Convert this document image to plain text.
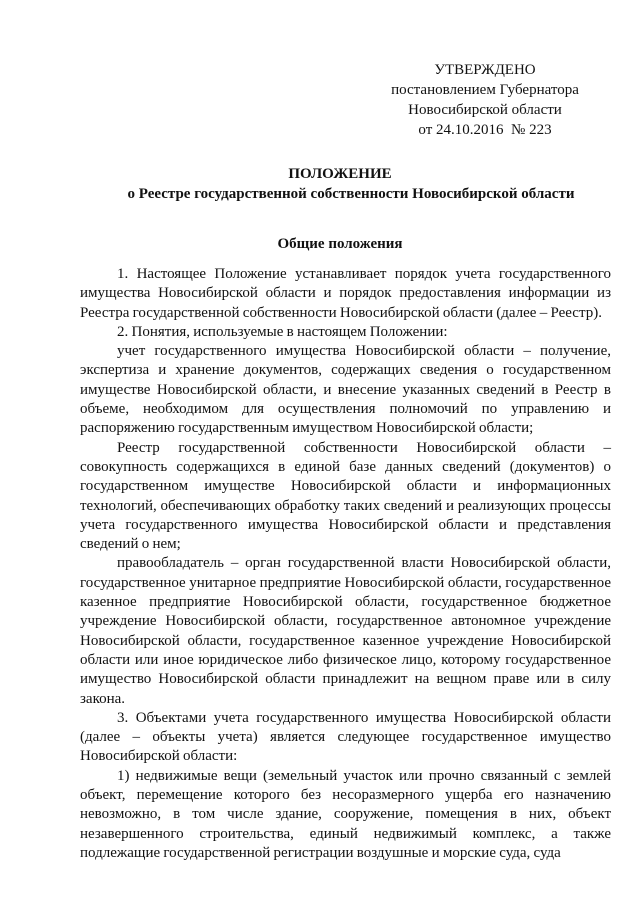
УТВЕРЖДЕНО
постановлением Губернатора
Новосибирской области
от 24.10.2016  № 223
ПОЛОЖЕНИЕ
о Реестре государственной собственности Новосибирской области
Общие положения

1. Настоящее Положение устанавливает порядок учета государственного имущества Новосибирской области и порядок предоставления информации из Реестра государственной собственности Новосибирской области (далее – Реестр).

2. Понятия, используемые в настоящем Положении:

учет государственного имущества Новосибирской области – получение, экспертиза и хранение документов, содержащих сведения о государственном имуществе Новосибирской области, и внесение указанных сведений в Реестр в объеме, необходимом для осуществления полномочий по управлению и распоряжению государственным имуществом Новосибирской области;

Реестр государственной собственности Новосибирской области – совокупность содержащихся в единой базе данных сведений (документов) о государственном имуществе Новосибирской области и информационных технологий, обеспечивающих обработку таких сведений и реализующих процессы учета государственного имущества Новосибирской области и представления сведений о нем;

правообладатель – орган государственной власти Новосибирской области, государственное унитарное предприятие Новосибирской области, государственное казенное предприятие Новосибирской области, государственное бюджетное учреждение Новосибирской области, государственное автономное учреждение Новосибирской области, государственное казенное учреждение Новосибирской области или иное юридическое либо физическое лицо, которому государственное имущество Новосибирской области принадлежит на вещном праве или в силу закона.

3. Объектами учета государственного имущества Новосибирской области (далее – объекты учета) является следующее государственное имущество Новосибирской области:

1) недвижимые вещи (земельный участок или прочно связанный с землей объект, перемещение которого без несоразмерного ущерба его назначению невозможно, в том числе здание, сооружение, помещения в них, объект незавершенного строительства, единый недвижимый комплекс, а также подлежащие государственной регистрации воздушные и морские суда, суда
